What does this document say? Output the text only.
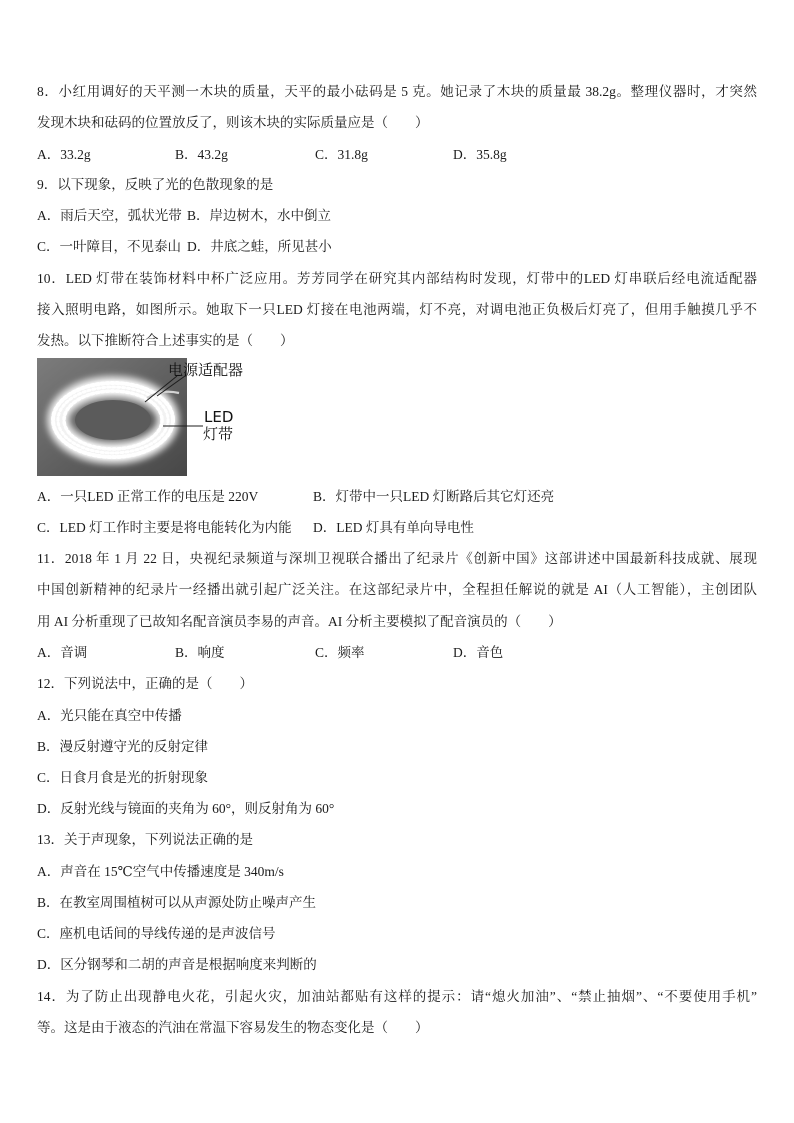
8．小红用调好的天平测一木块的质量，天平的最小砝码是 5 克。她记录了木块的质量最 38.2g。整理仪器时，才突然
发现木块和砝码的位置放反了，则该木块的实际质量应是（　　）
A．33.2g	B．43.2g	C．31.8g	D．35.8g
9．以下现象，反映了光的色散现象的是
A．雨后天空，弧状光带 B．岸边树木，水中倒立
C．一叶障目，不见泰山 D．井底之蛙，所见甚小
10．LED 灯带在装饰材料中杯广泛应用。芳芳同学在研究其内部结构时发现，灯带中的LED 灯串联后经电流适配器
接入照明电路，如图所示。她取下一只LED 灯接在电池两端，灯不亮，对调电池正负极后灯亮了，但用手触摸几乎不
发热。以下推断符合上述事实的是（　　）
电源适配器
LED
灯带
A．一只LED 正常工作的电压是 220V	B．灯带中一只LED 灯断路后其它灯还亮
C．LED 灯工作时主要是将电能转化为内能 D．LED 灯具有单向导电性
11．2018 年 1 月 22 日，央视纪录频道与深圳卫视联合播出了纪录片《创新中国》这部讲述中国最新科技成就、展现
中国创新精神的纪录片一经播出就引起广泛关注。在这部纪录片中，全程担任解说的就是 AI（人工智能），主创团队
用 AI 分析重现了已故知名配音演员李易的声音。AI 分析主要模拟了配音演员的（　　）
A．音调	B．响度	C．频率	D．音色
12．下列说法中，正确的是（　　）
A．光只能在真空中传播
B．漫反射遵守光的反射定律
C．日食月食是光的折射现象
D．反射光线与镜面的夹角为 60°，则反射角为 60°
13．关于声现象，下列说法正确的是
A．声音在 15℃空气中传播速度是 340m/s
B．在教室周围植树可以从声源处防止噪声产生
C．座机电话间的导线传递的是声波信号
D．区分钢琴和二胡的声音是根据响度来判断的
14．为了防止出现静电火花，引起火灾，加油站都贴有这样的提示：请“熄火加油”、“禁止抽烟”、“不要使用手机”
等。这是由于液态的汽油在常温下容易发生的物态变化是（　　）
